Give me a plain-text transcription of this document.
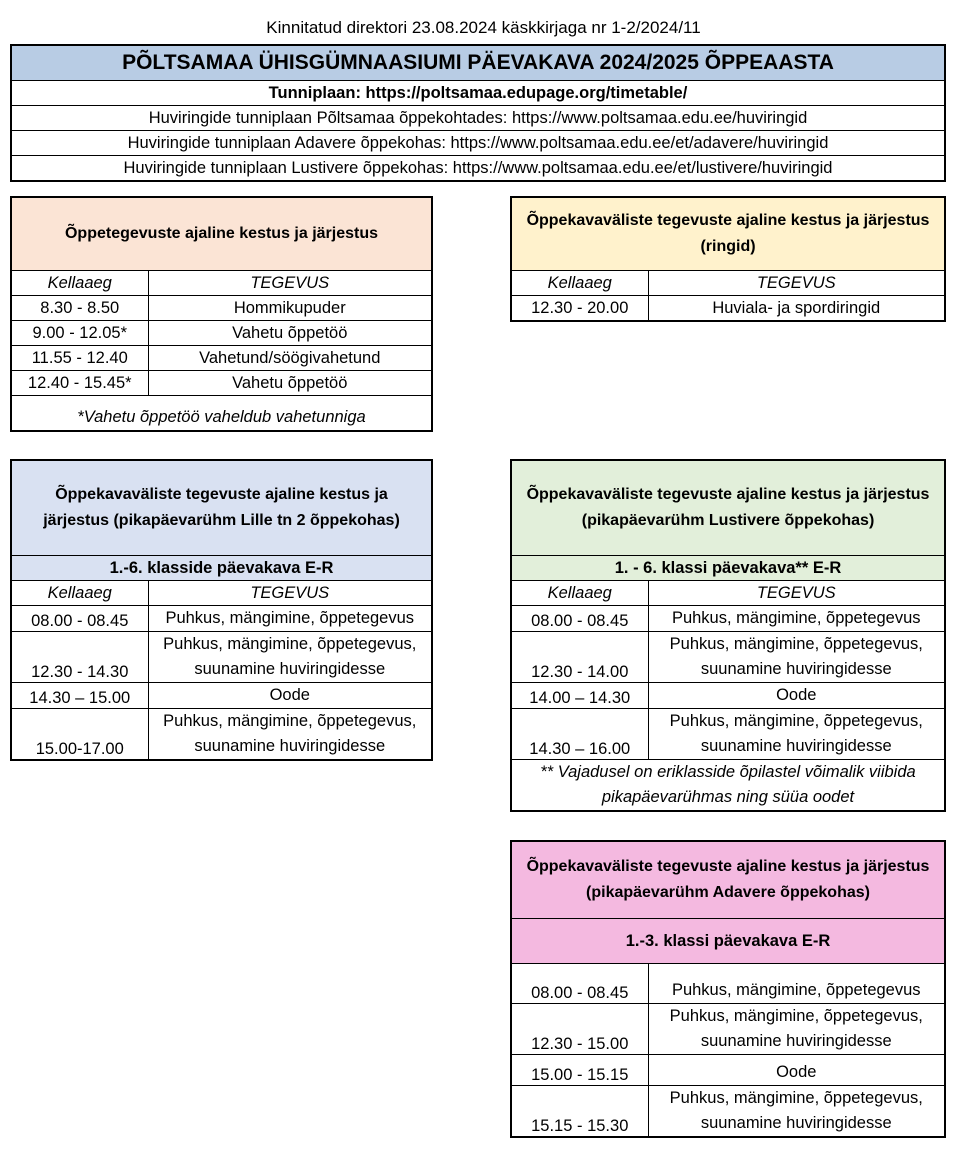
Kinnitatud direktori 23.08.2024 käskkirjaga nr 1-2/2024/11
PÕLTSAMAA ÜHISGÜMNAASIUMI PÄEVAKAVA 2024/2025 ÕPPEAASTA
Tunniplaan: https://poltsamaa.edupage.org/timetable/
Huviringide tunniplaan Põltsamaa õppekohtades: https://www.poltsamaa.edu.ee/huviringid
Huviringide tunniplaan Adavere õppekohas: https://www.poltsamaa.edu.ee/et/adavere/huviringid
Huviringide tunniplaan Lustivere õppekohas: https://www.poltsamaa.edu.ee/et/lustivere/huviringid
Õppetegevuste ajaline kestus ja järjestus	
Kellaaeg	TEGEVUS
8.30 - 8.50	Hommikupuder
9.00 - 12.05*	Vahetu õppetöö
11.55 - 12.40	Vahetund/söögivahetund
12.40 - 15.45*	Vahetu õppetöö
*Vahetu õppetöö vaheldub vahetunniga	
Õppekavaväliste tegevuste ajaline kestus ja järjestus
(ringid)	
Kellaaeg	TEGEVUS
12.30 - 20.00	Huviala- ja spordiringid
Õppekavaväliste tegevuste ajaline kestus ja
järjestus (pikapäevarühm Lille tn 2 õppekohas)	
1.-6. klasside päevakava E-R	
Kellaaeg	TEGEVUS
08.00 - 08.45	Puhkus, mängimine, õppetegevus
12.30 - 14.30	Puhkus, mängimine, õppetegevus,
suunamine huviringidesse
14.30 – 15.00	Oode
15.00-17.00	Puhkus, mängimine, õppetegevus,
suunamine huviringidesse
Õppekavaväliste tegevuste ajaline kestus ja järjestus
(pikapäevarühm Lustivere õppekohas)	
1. - 6. klassi päevakava** E-R	
Kellaaeg	TEGEVUS
08.00 - 08.45	Puhkus, mängimine, õppetegevus
12.30 - 14.00	Puhkus, mängimine, õppetegevus,
suunamine huviringidesse
14.00 – 14.30	Oode
14.30 – 16.00	Puhkus, mängimine, õppetegevus,
suunamine huviringidesse
** Vajadusel on eriklasside õpilastel võimalik viibida
pikapäevarühmas ning süüa oodet	
Õppekavaväliste tegevuste ajaline kestus ja järjestus
(pikapäevarühm Adavere õppekohas)	
1.-3. klassi päevakava E-R	

08.00 - 08.45	Puhkus, mängimine, õppetegevus
12.30 - 15.00	Puhkus, mängimine, õppetegevus,
suunamine huviringidesse
15.00 - 15.15	Oode
15.15 - 15.30	Puhkus, mängimine, õppetegevus,
suunamine huviringidesse
